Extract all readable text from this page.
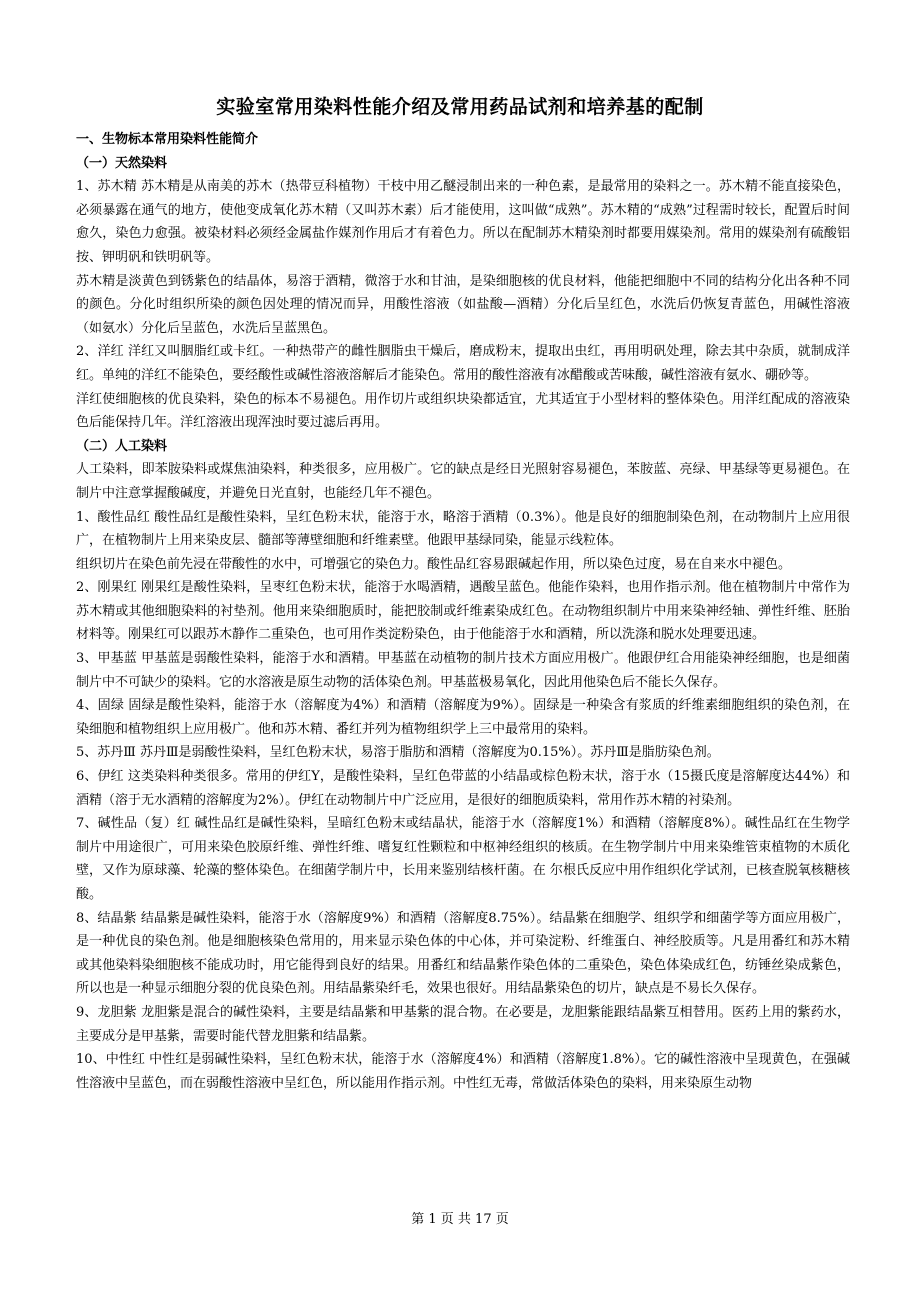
实验室常用染料性能介绍及常用药品试剂和培养基的配制

一、生物标本常用染料性能简介

（一）天然染料

1、苏木精 苏木精是从南美的苏木（热带豆科植物）干枝中用乙醚浸制出来的一种色素，是最常用的染料之一。苏木精不能直接染色，必须暴露在通气的地方，使他变成氧化苏木精（又叫苏木素）后才能使用，这叫做“成熟”。苏木精的“成熟”过程需时较长，配置后时间愈久，染色力愈强。被染材料必须经金属盐作媒剂作用后才有着色力。所以在配制苏木精染剂时都要用媒染剂。常用的媒染剂有硫酸铝按、钾明矾和铁明矾等。

苏木精是淡黄色到锈紫色的结晶体，易溶于酒精，微溶于水和甘油，是染细胞核的优良材料，他能把细胞中不同的结构分化出各种不同的颜色。分化时组织所染的颜色因处理的情况而异，用酸性溶液（如盐酸—酒精）分化后呈红色，水洗后仍恢复青蓝色，用碱性溶液（如氨水）分化后呈蓝色，水洗后呈蓝黑色。

2、洋红 洋红又叫胭脂红或卡红。一种热带产的雌性胭脂虫干燥后，磨成粉末，提取出虫红，再用明矾处理，除去其中杂质，就制成洋红。单纯的洋红不能染色，要经酸性或碱性溶液溶解后才能染色。常用的酸性溶液有冰醋酸或苦味酸，碱性溶液有氨水、硼砂等。

洋红使细胞核的优良染料，染色的标本不易褪色。用作切片或组织块染都适宜，尤其适宜于小型材料的整体染色。用洋红配成的溶液染色后能保持几年。洋红溶液出现浑浊时要过滤后再用。

（二）人工染料

人工染料，即苯胺染料或煤焦油染料，种类很多，应用极广。它的缺点是经日光照射容易褪色，苯胺蓝、亮绿、甲基绿等更易褪色。在制片中注意掌握酸碱度，并避免日光直射，也能经几年不褪色。

1、酸性品红 酸性品红是酸性染料，呈红色粉末状，能溶于水，略溶于酒精（0.3%）。他是良好的细胞制染色剂，在动物制片上应用很广，在植物制片上用来染皮层、髓部等薄壁细胞和纤维素壁。他跟甲基绿同染，能显示线粒体。

组织切片在染色前先浸在带酸性的水中，可增强它的染色力。酸性品红容易跟碱起作用，所以染色过度，易在自来水中褪色。

2、刚果红 刚果红是酸性染料，呈枣红色粉末状，能溶于水喝酒精，遇酸呈蓝色。他能作染料，也用作指示剂。他在植物制片中常作为苏木精或其他细胞染料的衬垫剂。他用来染细胞质时，能把胶制或纤维素染成红色。在动物组织制片中用来染神经轴、弹性纤维、胚胎材料等。刚果红可以跟苏木静作二重染色，也可用作类淀粉染色，由于他能溶于水和酒精，所以洗涤和脱水处理要迅速。

3、甲基蓝 甲基蓝是弱酸性染料，能溶于水和酒精。甲基蓝在动植物的制片技术方面应用极广。他跟伊红合用能染神经细胞，也是细菌制片中不可缺少的染料。它的水溶液是原生动物的活体染色剂。甲基蓝极易氧化，因此用他染色后不能长久保存。

4、固绿 固绿是酸性染料，能溶于水（溶解度为4%）和酒精（溶解度为9%）。固绿是一种染含有浆质的纤维素细胞组织的染色剂，在染细胞和植物组织上应用极广。他和苏木精、番红并列为植物组织学上三中最常用的染料。

5、苏丹Ⅲ 苏丹Ⅲ是弱酸性染料，呈红色粉末状，易溶于脂肪和酒精（溶解度为0.15%）。苏丹Ⅲ是脂肪染色剂。

6、伊红 这类染料种类很多。常用的伊红Y，是酸性染料，呈红色带蓝的小结晶或棕色粉末状，溶于水（15摄氏度是溶解度达44%）和酒精（溶于无水酒精的溶解度为2%）。伊红在动物制片中广泛应用，是很好的细胞质染料，常用作苏木精的衬染剂。

7、碱性品（复）红 碱性品红是碱性染料，呈暗红色粉末或结晶状，能溶于水（溶解度1%）和酒精（溶解度8%）。碱性品红在生物学制片中用途很广，可用来染色胶原纤维、弹性纤维、嗜复红性颗粒和中枢神经组织的核质。在生物学制片中用来染维管束植物的木质化壁，又作为原球藻、轮藻的整体染色。在细菌学制片中，长用来鉴别结核杆菌。在 尔根氏反应中用作组织化学试剂，已核查脱氧核糖核酸。

8、结晶紫 结晶紫是碱性染料，能溶于水（溶解度9%）和酒精（溶解度8.75%）。结晶紫在细胞学、组织学和细菌学等方面应用极广，是一种优良的染色剂。他是细胞核染色常用的，用来显示染色体的中心体，并可染淀粉、纤维蛋白、神经胶质等。凡是用番红和苏木精或其他染料染细胞核不能成功时，用它能得到良好的结果。用番红和结晶紫作染色体的二重染色，染色体染成红色，纺锤丝染成紫色，所以也是一种显示细胞分裂的优良染色剂。用结晶紫染纤毛，效果也很好。用结晶紫染色的切片，缺点是不易长久保存。

9、龙胆紫 龙胆紫是混合的碱性染料，主要是结晶紫和甲基紫的混合物。在必要是，龙胆紫能跟结晶紫互相替用。医药上用的紫药水，主要成分是甲基紫，需要时能代替龙胆紫和结晶紫。

10、中性红 中性红是弱碱性染料，呈红色粉末状，能溶于水（溶解度4%）和酒精（溶解度1.8%）。它的碱性溶液中呈现黄色，在强碱性溶液中呈蓝色，而在弱酸性溶液中呈红色，所以能用作指示剂。中性红无毒，常做活体染色的染料，用来染原生动物

第 1 页 共 17 页
